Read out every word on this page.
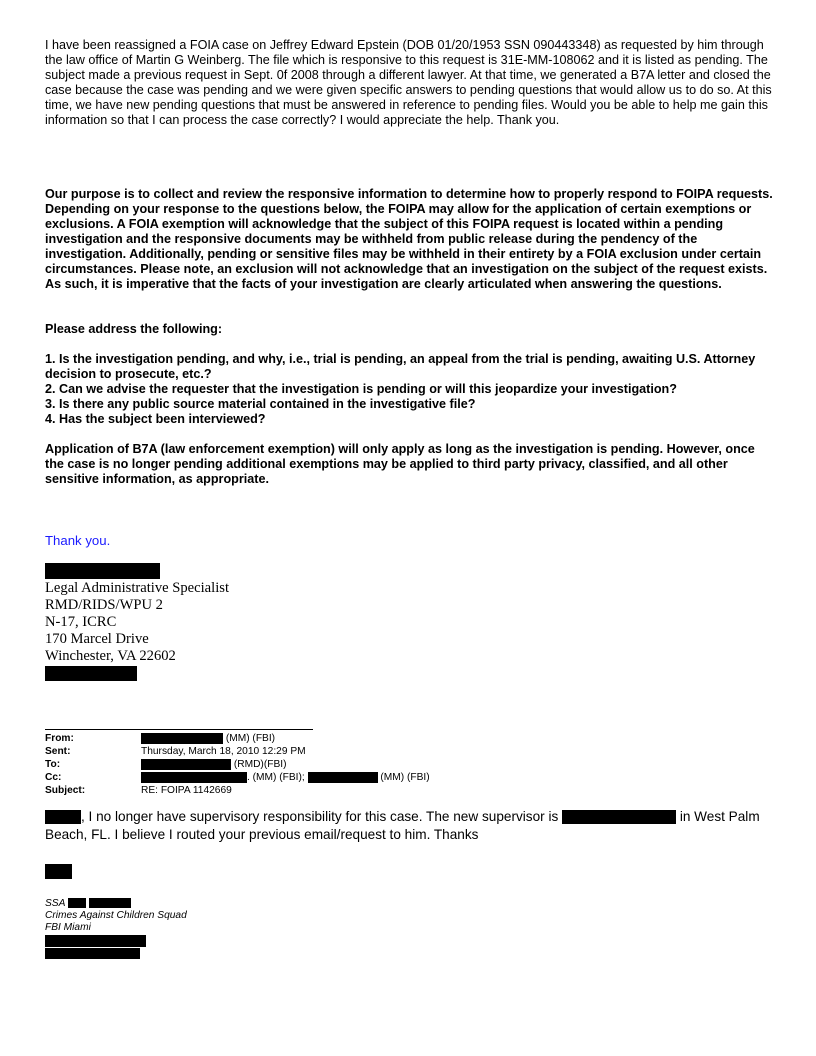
I have been reassigned a FOIA case on Jeffrey Edward Epstein (DOB 01/20/1953 SSN 090443348) as requested by him through the law office of Martin G Weinberg. The file which is responsive to this request is 31E-MM-108062 and it is listed as pending. The subject made a previous request in Sept. 0f 2008 through a different lawyer. At that time, we generated a B7A letter and closed the case because the case was pending and we were given specific answers to pending questions that would allow us to do so. At this time, we have new pending questions that must be answered in reference to pending files. Would you be able to help me gain this information so that I can process the case correctly? I would appreciate the help. Thank you.

Our purpose is to collect and review the responsive information to determine how to properly respond to FOIPA requests. Depending on your response to the questions below, the FOIPA may allow for the application of certain exemptions or exclusions. A FOIA exemption will acknowledge that the subject of this FOIPA request is located within a pending investigation and the responsive documents may be withheld from public release during the pendency of the investigation. Additionally, pending or sensitive files may be withheld in their entirety by a FOIA exclusion under certain circumstances. Please note, an exclusion will not acknowledge that an investigation on the subject of the request exists. As such, it is imperative that the facts of your investigation are clearly articulated when answering the questions.

Please address the following:

1. Is the investigation pending, and why, i.e., trial is pending, an appeal from the trial is pending, awaiting U.S. Attorney decision to prosecute, etc.?
2. Can we advise the requester that the investigation is pending or will this jeopardize your investigation?
3. Is there any public source material contained in the investigative file?
4. Has the subject been interviewed?

Application of B7A (law enforcement exemption) will only apply as long as the investigation is pending. However, once the case is no longer pending additional exemptions may be applied to third party privacy, classified, and all other sensitive information, as appropriate.

Thank you.

Legal Administrative Specialist
RMD/RIDS/WPU 2
N-17, ICRC
170 Marcel Drive
Winchester, VA 22602
From:	(MM) (FBI)
Sent:	Thursday, March 18, 2010 12:29 PM
To:	(RMD)(FBI)
Cc:	. (MM) (FBI);	(MM) (FBI)
Subject:	RE: FOIPA 1142669

, I no longer have supervisory responsibility for this case. The new supervisor is	in West Palm Beach, FL. I believe I routed your previous email/request to him. Thanks

SSA
Crimes Against Children Squad
FBI Miami
